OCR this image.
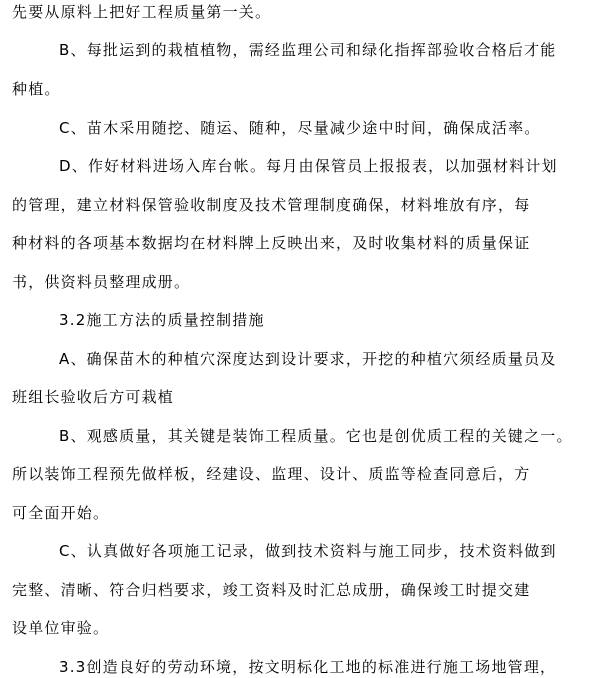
先要从原料上把好工程质量第一关。
B、每批运到的栽植植物，需经监理公司和绿化指挥部验收合格后才能
种植。
C、苗木采用随挖、随运、随种，尽量减少途中时间，确保成活率。
D、作好材料进场入库台帐。每月由保管员上报报表，以加强材料计划
的管理，建立材料保管验收制度及技术管理制度确保，材料堆放有序，每
种材料的各项基本数据均在材料牌上反映出来，及时收集材料的质量保证
书，供资料员整理成册。
3.2施工方法的质量控制措施
A、确保苗木的种植穴深度达到设计要求，开挖的种植穴须经质量员及
班组长验收后方可栽植
B、观感质量，其关键是装饰工程质量。它也是创优质工程的关键之一。
所以装饰工程预先做样板，经建设、监理、设计、质监等检查同意后，方
可全面开始。
C、认真做好各项施工记录，做到技术资料与施工同步，技术资料做到
完整、清晰、符合归档要求，竣工资料及时汇总成册，确保竣工时提交建
设单位审验。
3.3创造良好的劳动环境，按文明标化工地的标准进行施工场地管理，
